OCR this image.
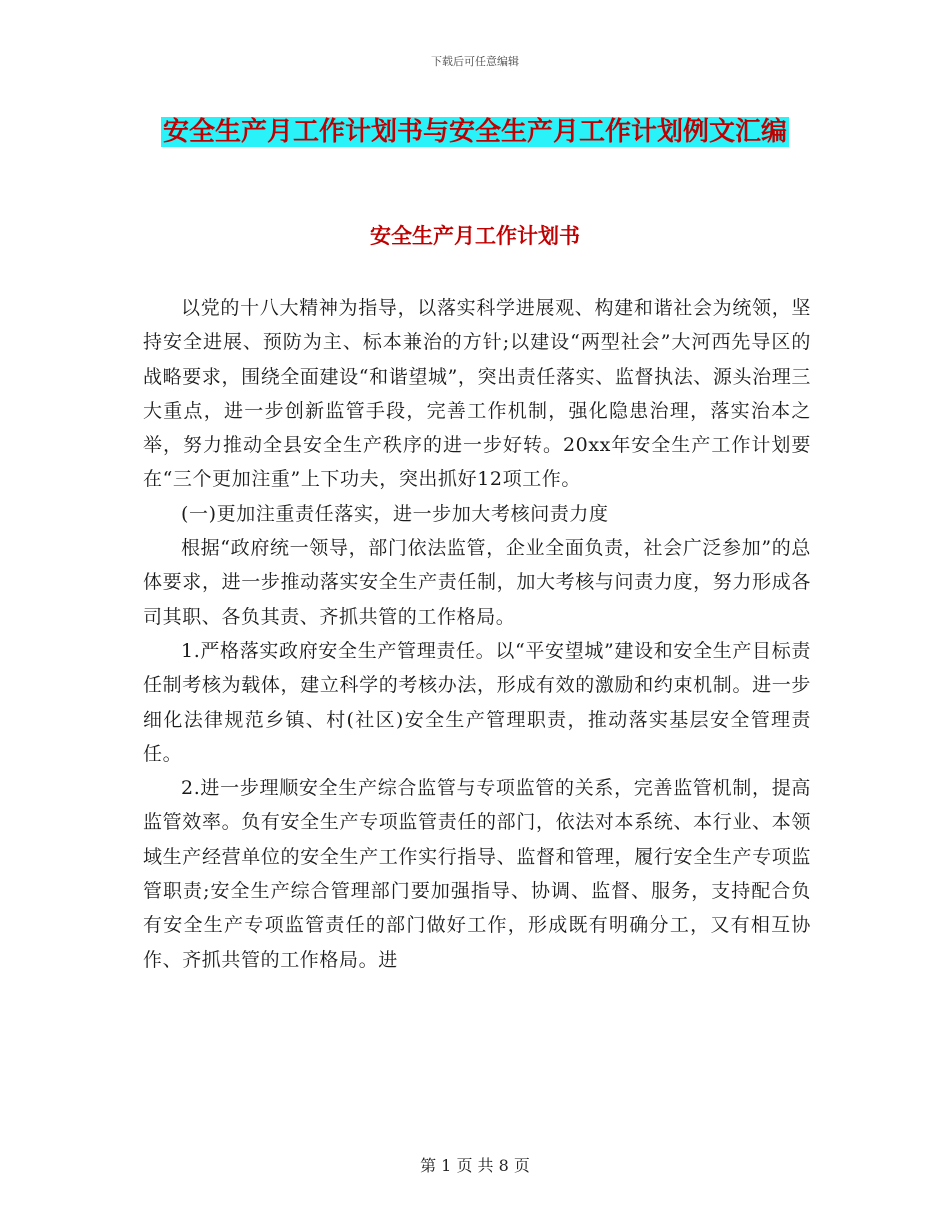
下载后可任意编辑
安全生产月工作计划书与安全生产月工作计划例文汇编
安全生产月工作计划书

以党的十八大精神为指导，以落实科学进展观、构建和谐社会为统领，坚持安全进展、预防为主、标本兼治的方针;以建设“两型社会”大河西先导区的战略要求，围绕全面建设“和谐望城”，突出责任落实、监督执法、源头治理三大重点，进一步创新监管手段，完善工作机制，强化隐患治理，落实治本之举，努力推动全县安全生产秩序的进一步好转。20xx年安全生产工作计划要在“三个更加注重”上下功夫，突出抓好12项工作。

(一)更加注重责任落实，进一步加大考核问责力度

根据“政府统一领导，部门依法监管，企业全面负责，社会广泛参加”的总体要求，进一步推动落实安全生产责任制，加大考核与问责力度，努力形成各司其职、各负其责、齐抓共管的工作格局。

1.严格落实政府安全生产管理责任。以“平安望城”建设和安全生产目标责任制考核为载体，建立科学的考核办法，形成有效的激励和约束机制。进一步细化法律规范乡镇、村(社区)安全生产管理职责，推动落实基层安全管理责任。

2.进一步理顺安全生产综合监管与专项监管的关系，完善监管机制，提高监管效率。负有安全生产专项监管责任的部门，依法对本系统、本行业、本领域生产经营单位的安全生产工作实行指导、监督和管理，履行安全生产专项监管职责;安全生产综合管理部门要加强指导、协调、监督、服务，支持配合负有安全生产专项监管责任的部门做好工作，形成既有明确分工，又有相互协作、齐抓共管的工作格局。进

第 1 页 共 8 页
